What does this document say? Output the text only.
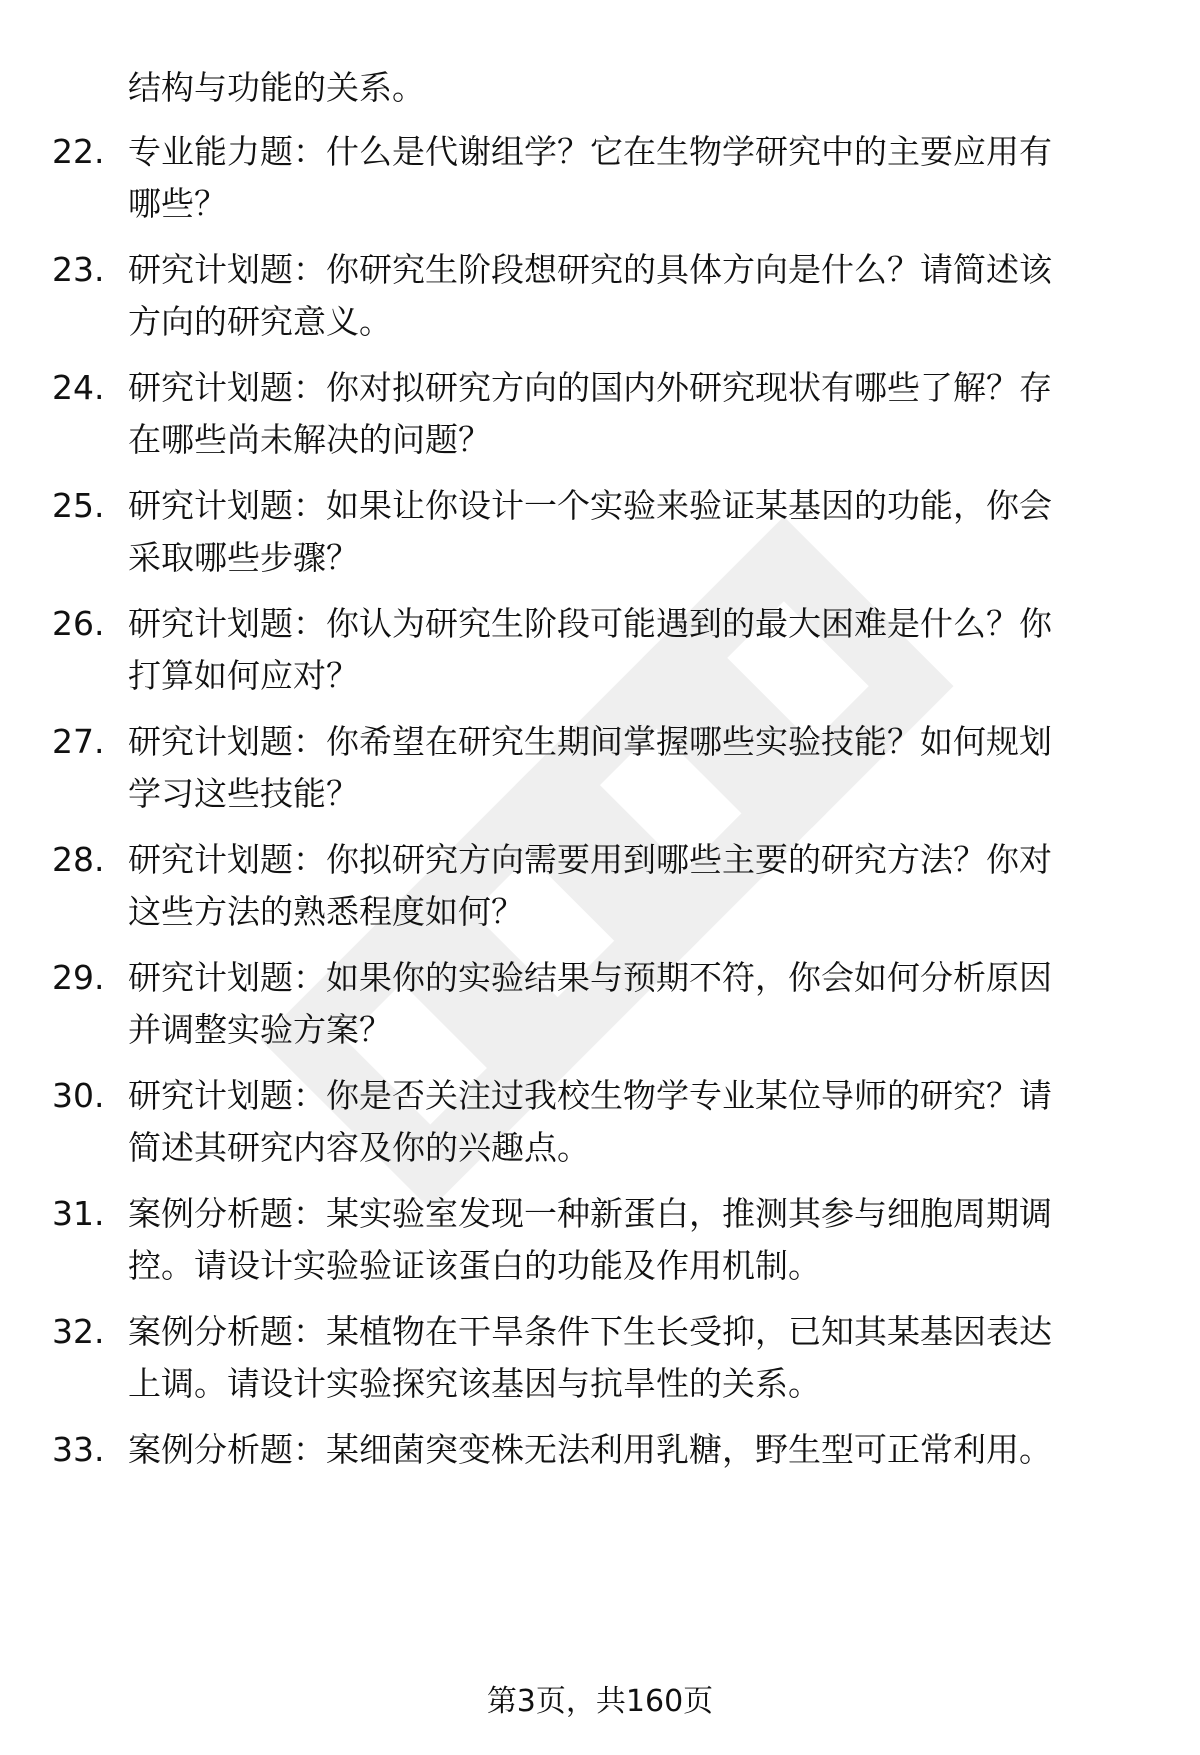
结构与功能的关系。
22. 专业能力题：什么是代谢组学？它在生物学研究中的主要应用有
哪些？
23. 研究计划题：你研究生阶段想研究的具体方向是什么？请简述该
方向的研究意义。
24. 研究计划题：你对拟研究方向的国内外研究现状有哪些了解？存
在哪些尚未解决的问题？
25. 研究计划题：如果让你设计一个实验来验证某基因的功能，你会
采取哪些步骤？
26. 研究计划题：你认为研究生阶段可能遇到的最大困难是什么？你
打算如何应对？
27. 研究计划题：你希望在研究生期间掌握哪些实验技能？如何规划
学习这些技能？
28. 研究计划题：你拟研究方向需要用到哪些主要的研究方法？你对
这些方法的熟悉程度如何？
29. 研究计划题：如果你的实验结果与预期不符，你会如何分析原因
并调整实验方案？
30. 研究计划题：你是否关注过我校生物学专业某位导师的研究？请
简述其研究内容及你的兴趣点。
31. 案例分析题：某实验室发现一种新蛋白，推测其参与细胞周期调
控。请设计实验验证该蛋白的功能及作用机制。
32. 案例分析题：某植物在干旱条件下生长受抑，已知其某基因表达
上调。请设计实验探究该基因与抗旱性的关系。
33. 案例分析题：某细菌突变株无法利用乳糖，野生型可正常利用。
第3页，共160页
